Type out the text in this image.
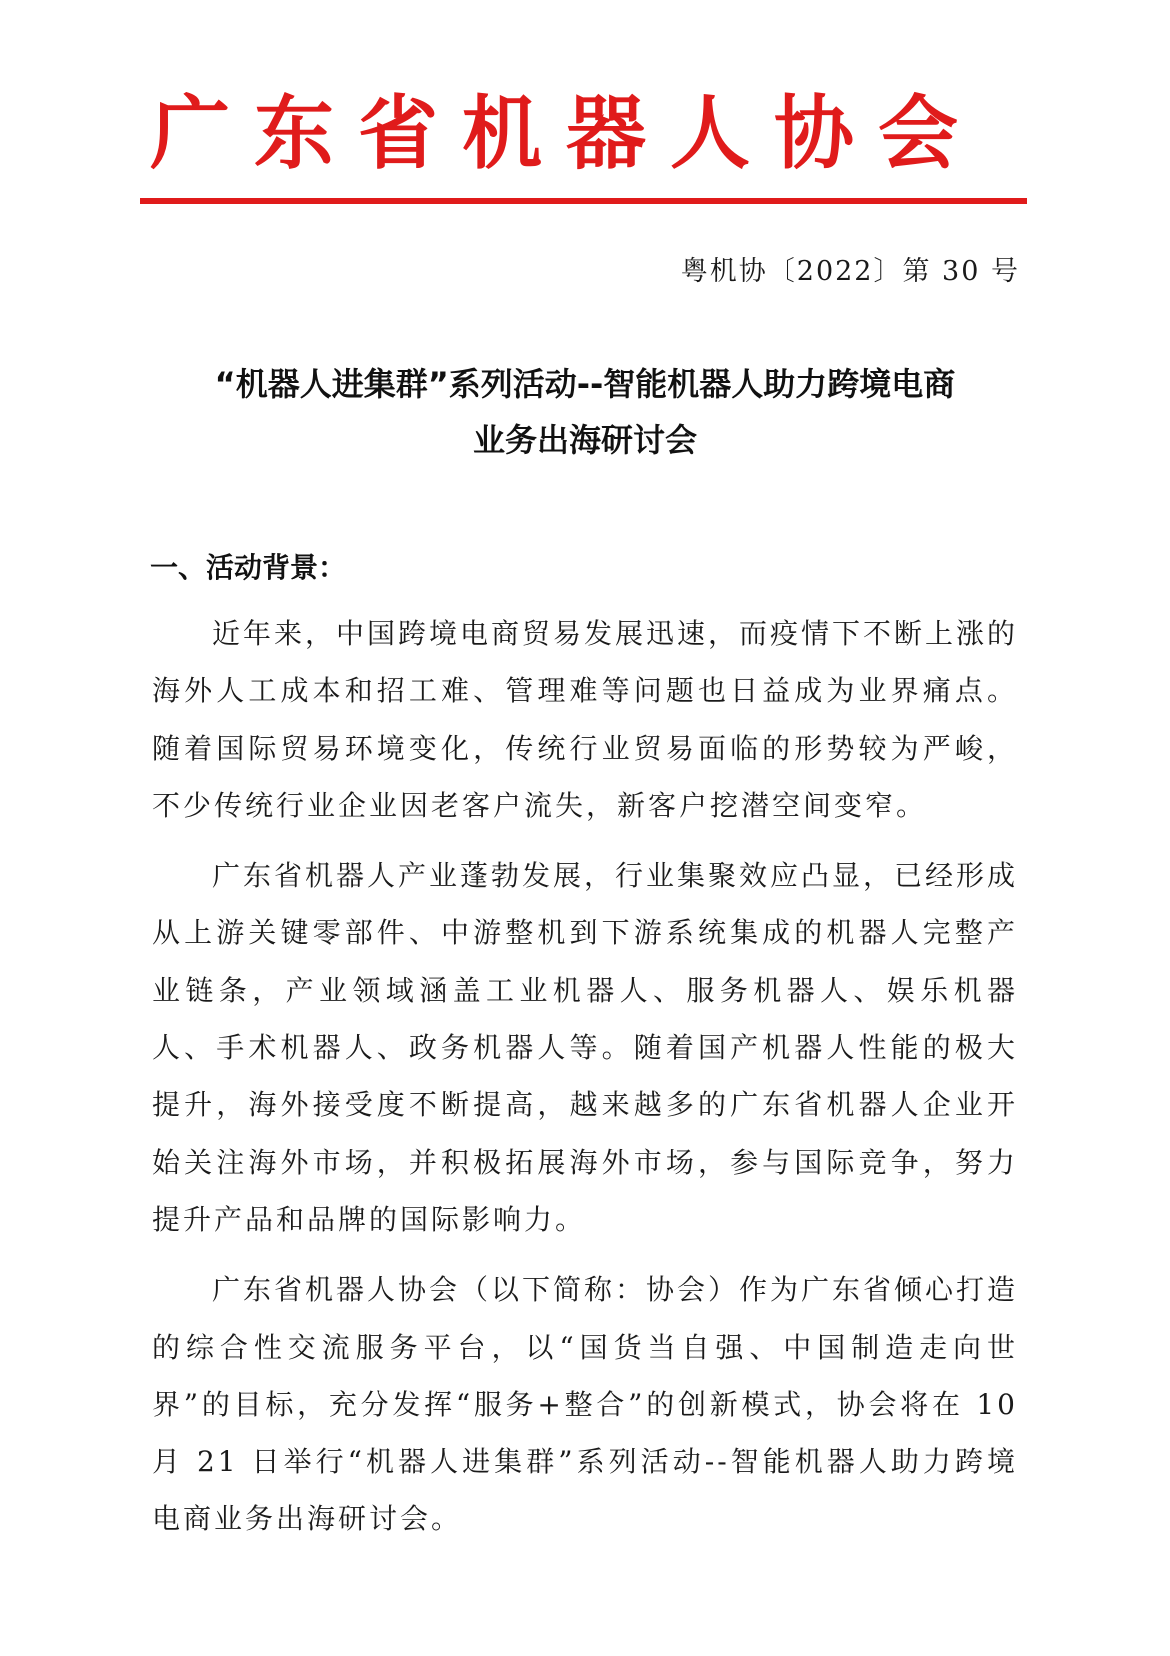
广东省机器人协会
粤机协〔2022〕第 30 号
“机器人进集群”系列活动--智能机器人助力跨境电商
业务出海研讨会
一、活动背景：

近年来，中国跨境电商贸易发展迅速，而疫情下不断上涨的海外人工成本和招工难、管理难等问题也日益成为业界痛点。随着国际贸易环境变化，传统行业贸易面临的形势较为严峻，不少传统行业企业因老客户流失，新客户挖潜空间变窄。

广东省机器人产业蓬勃发展，行业集聚效应凸显，已经形成从上游关键零部件、中游整机到下游系统集成的机器人完整产业链条，产业领域涵盖工业机器人、服务机器人、娱乐机器人、手术机器人、政务机器人等。随着国产机器人性能的极大提升，海外接受度不断提高，越来越多的广东省机器人企业开始关注海外市场，并积极拓展海外市场，参与国际竞争，努力提升产品和品牌的国际影响力。

广东省机器人协会（以下简称：协会）作为广东省倾心打造的综合性交流服务平台，以“国货当自强、中国制造走向世界”的目标，充分发挥“服务+整合”的创新模式，协会将在 10 月 21 日举行“机器人进集群”系列活动--智能机器人助力跨境电商业务出海研讨会。
